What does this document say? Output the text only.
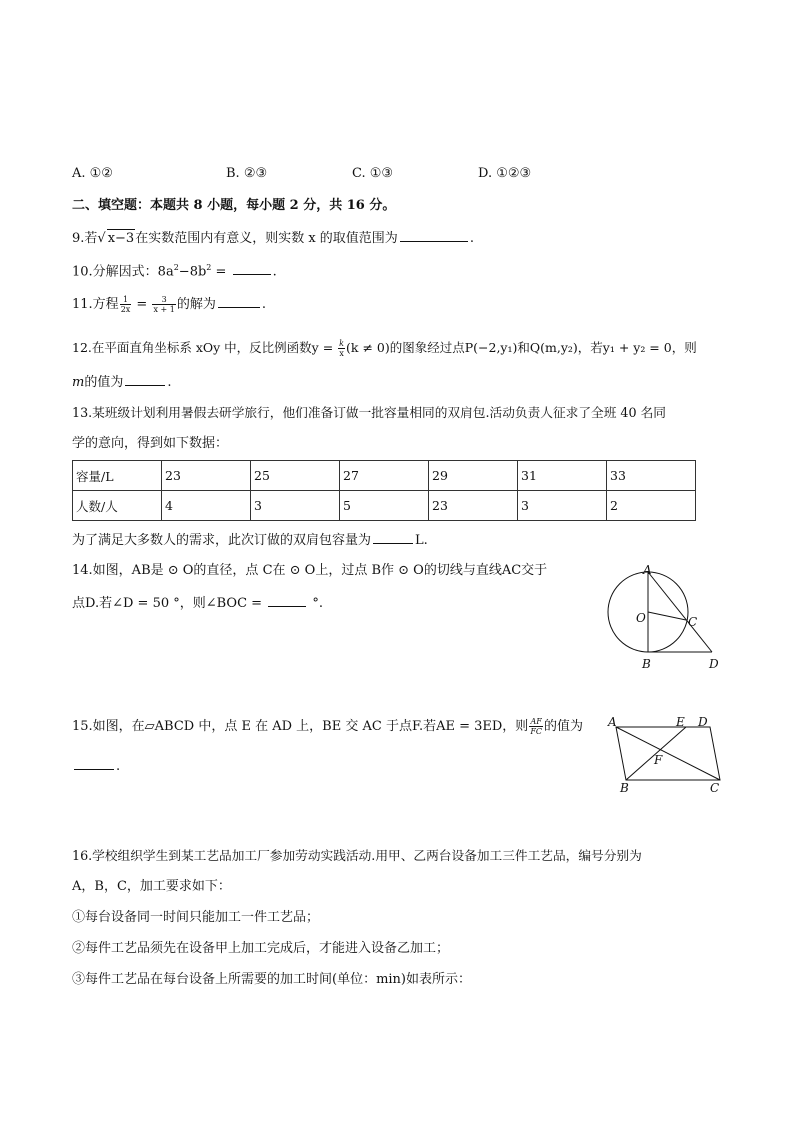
A. ①②	B. ②③	C. ①③	D. ①②③
二、填空题：本题共 8 小题，每小题 2 分，共 16 分。
9.若√ x−3在实数范围内有意义，则实数 x 的取值范围为	.
10.分解因式：$8a^2-8b^2$ =	.
11.方程 $\frac{1}{2x} = \frac{3}{x + 1}$ 的解为	.
12.在平面直角坐标系 xOy 中，反比例函数$y = \frac{k}{x} (k \ne 0)$的图象经过点P(−2,y₁)和Q(m,y₂)，若y₁ + y₂ = 0，则
m的值为	.
13.某班级计划利用暑假去研学旅行，他们准备订做一批容量相同的双肩包.活动负责人征求了全班 40 名同
学的意向，得到如下数据：
容量/L	23	25	27	29	31	33
人数/人	4	3	5	23	3	2
为了满足大多数人的需求，此次订做的双肩包容量为	L.
14.如图，AB是 ⊙ O的直径，点 C在 ⊙ O上，过点 B作 ⊙ O的切线与直线AC交于
点D.若∠D = 50 °，则∠BOC =	°.
A
O	C
B	D
15.如图，在▱ABCD 中，点 E 在 AD 上，BE 交 AC 于点F.若AE = 3ED，则 $\frac{AF}{FC}$ 的值为
.
A	E D
F
B	C
16.学校组织学生到某工艺品加工厂参加劳动实践活动.用甲、乙两台设备加工三件工艺品，编号分别为
A，B，C，加工要求如下：
①每台设备同一时间只能加工一件工艺品；
②每件工艺品须先在设备甲上加工完成后，才能进入设备乙加工；
③每件工艺品在每台设备上所需要的加工时间(单位：min)如表所示：
